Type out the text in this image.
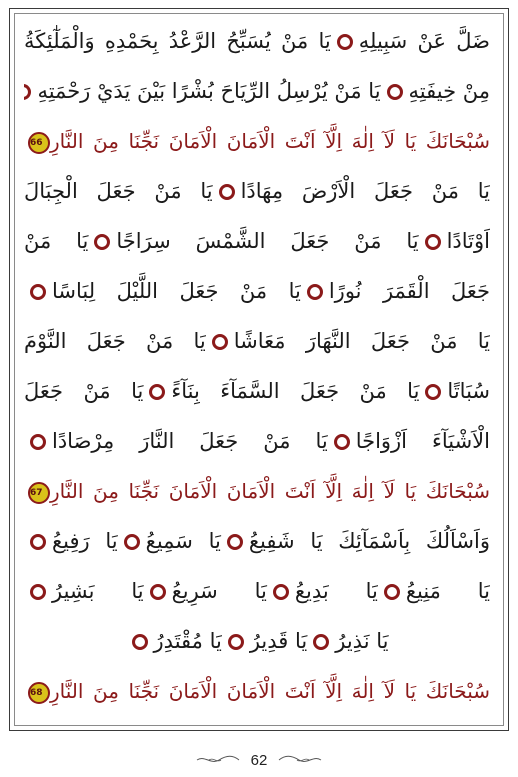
ضَلَّ عَنْ سَبِيلِهِيَا مَنْ يُسَبِّحُ الرَّعْدُ بِحَمْدِهِ وَالْمَلٰٓئِكَةُ
مِنْ خِيفَتِهِيَا مَنْ يُرْسِلُ الرِّيَاحَ بُشْرًا بَيْنَ يَدَيْ رَحْمَتِهِ
سُبْحَانَكَ يَا لَآ اِلٰهَ اِلَّآ اَنْتَ الْاَمَانَ الْاَمَانَ نَجِّنَا مِنَ النَّارِ66
يَا مَنْ جَعَلَ الْاَرْضَ مِهَادًايَا مَنْ جَعَلَ الْجِبَالَ
اَوْتَادًايَا مَنْ جَعَلَ الشَّمْسَ سِرَاجًايَا مَنْ
جَعَلَ الْقَمَرَ نُورًايَا مَنْ جَعَلَ اللَّيْلَ لِبَاسًا
يَا مَنْ جَعَلَ النَّهَارَ مَعَاشًايَا مَنْ جَعَلَ النَّوْمَ
سُبَاتًايَا مَنْ جَعَلَ السَّمَآءَ بِنَآءًيَا مَنْ جَعَلَ
الْاَشْيَآءَ اَزْوَاجًايَا مَنْ جَعَلَ النَّارَ مِرْصَادًا
سُبْحَانَكَ يَا لَآ اِلٰهَ اِلَّآ اَنْتَ الْاَمَانَ الْاَمَانَ نَجِّنَا مِنَ النَّارِ67
وَاَسْاَلُكَ بِاَسْمَآئِكَ يَا شَفِيعُيَا سَمِيعُيَا رَفِيعُ
يَا مَنِيعُيَا بَدِيعُيَا سَرِيعُيَا بَشِيرُ
يَا نَذِيرُيَا قَدِيرُيَا مُقْتَدِرُ
سُبْحَانَكَ يَا لَآ اِلٰهَ اِلَّآ اَنْتَ الْاَمَانَ الْاَمَانَ نَجِّنَا مِنَ النَّارِ68
62
